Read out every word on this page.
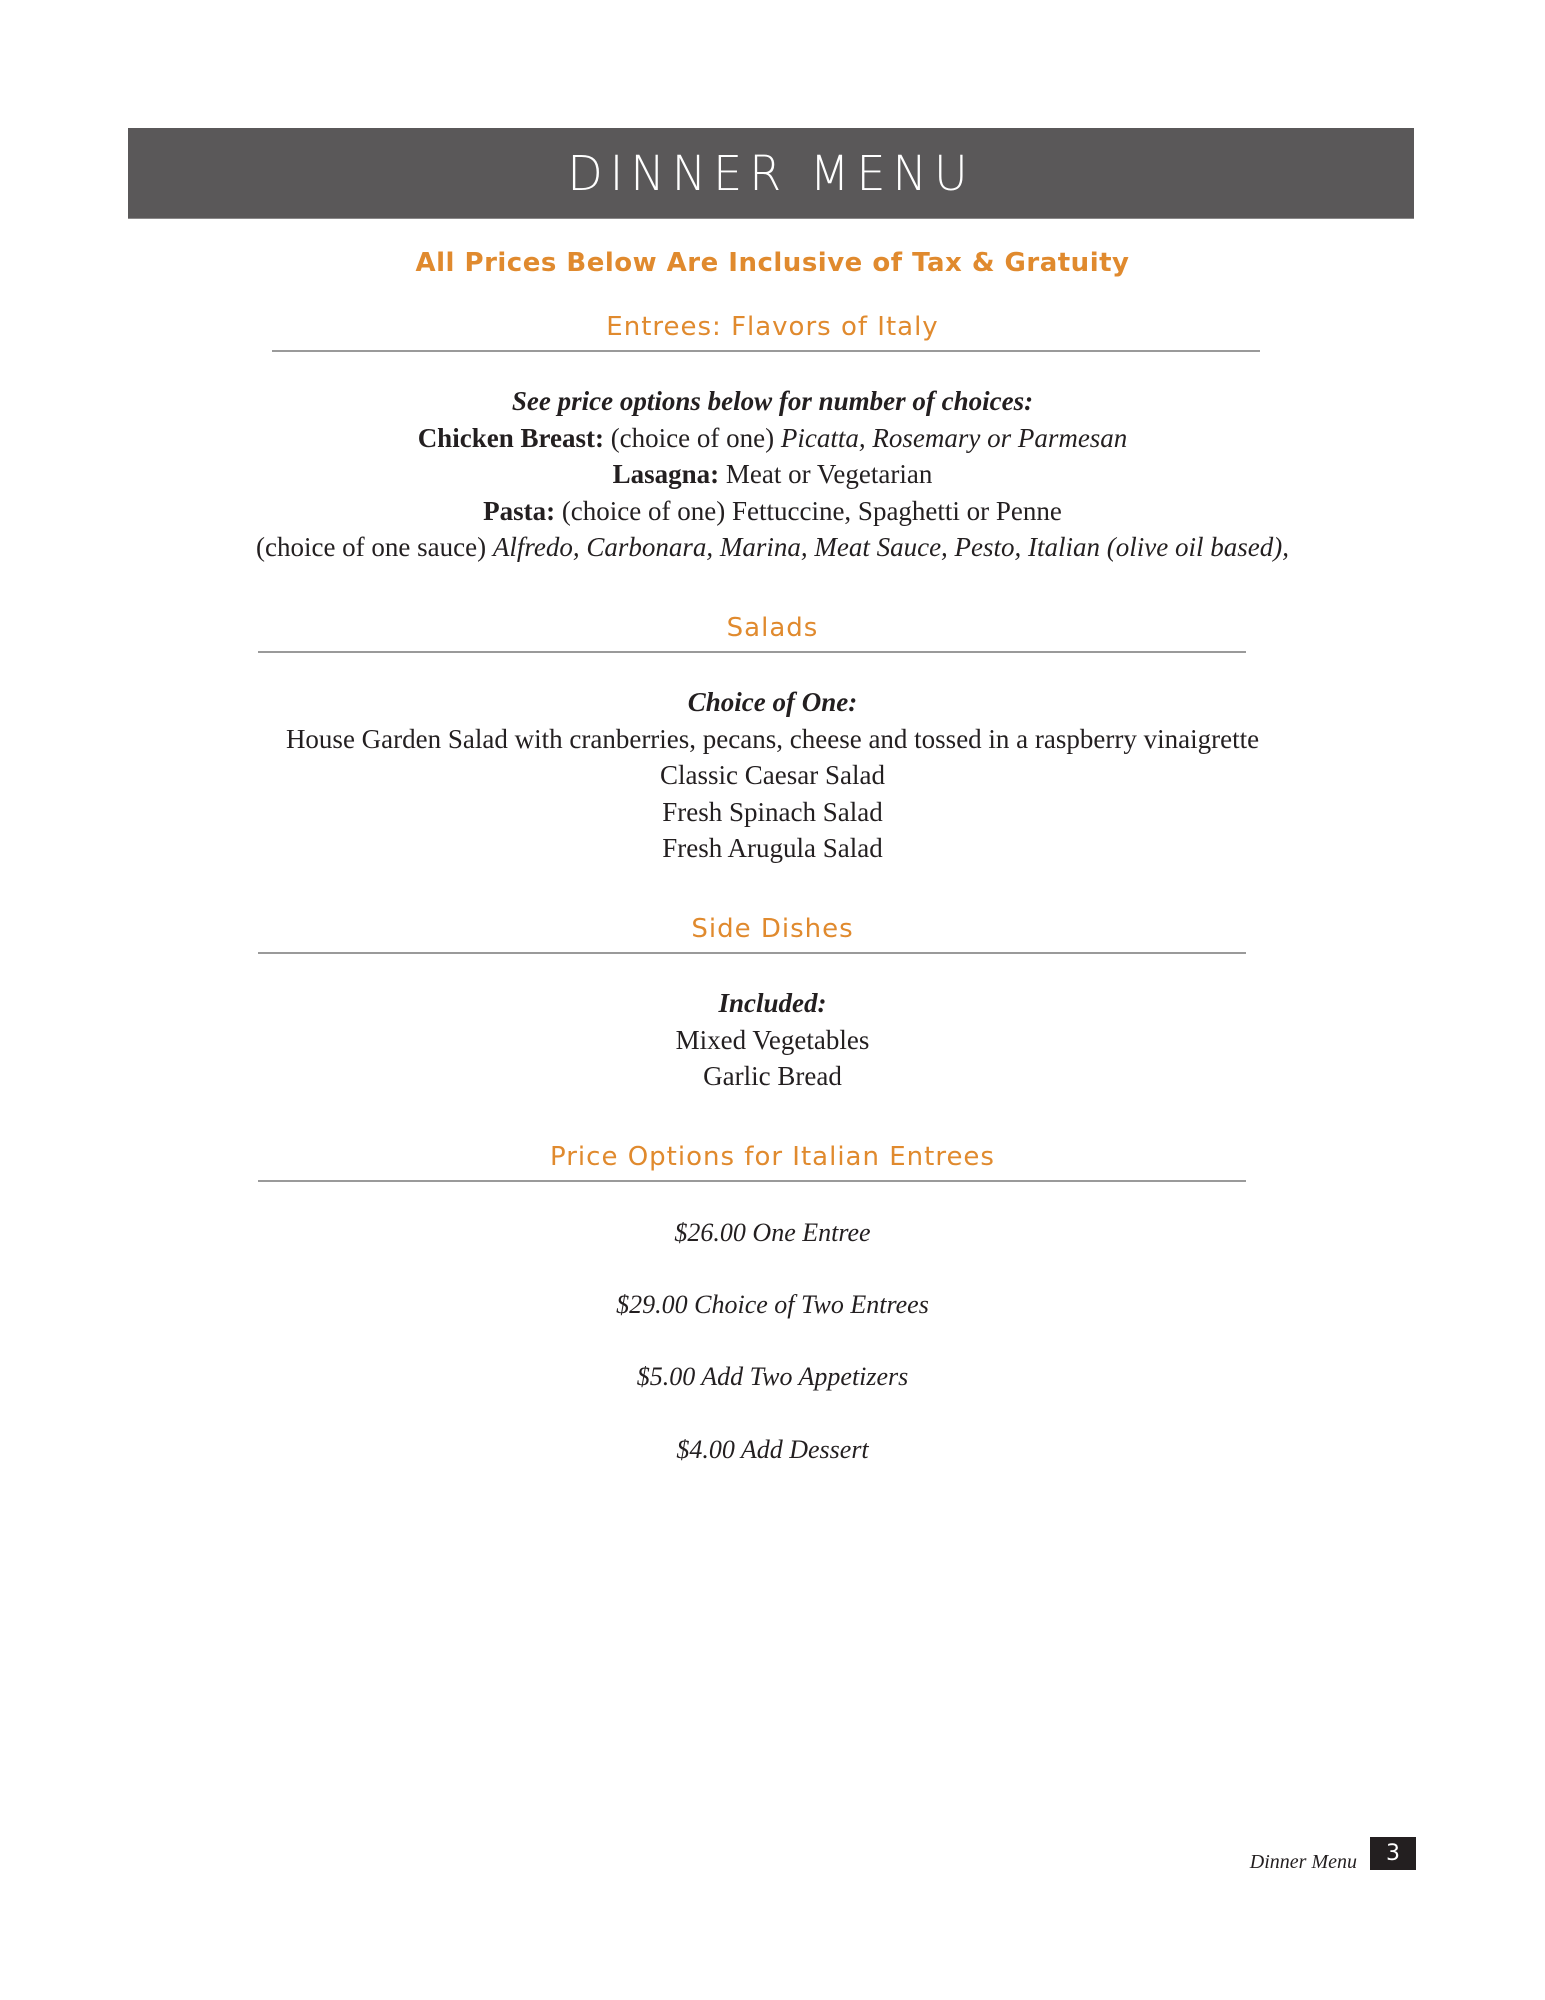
DINNER MENU
All Prices Below Are Inclusive of Tax & Gratuity
Entrees: Flavors of Italy
See price options below for number of choices:
Chicken Breast: (choice of one) Picatta, Rosemary or Parmesan
Lasagna: Meat or Vegetarian
Pasta: (choice of one) Fettuccine, Spaghetti or Penne
(choice of one sauce) Alfredo, Carbonara, Marina, Meat Sauce, Pesto, Italian (olive oil based),
Salads
Choice of One:
House Garden Salad with cranberries, pecans, cheese and tossed in a raspberry vinaigrette
Classic Caesar Salad
Fresh Spinach Salad
Fresh Arugula Salad
Side Dishes
Included:
Mixed Vegetables
Garlic Bread
Price Options for Italian Entrees
$26.00 One Entree
$29.00 Choice of Two Entrees
$5.00 Add Two Appetizers
$4.00 Add Dessert
Dinner Menu	3
